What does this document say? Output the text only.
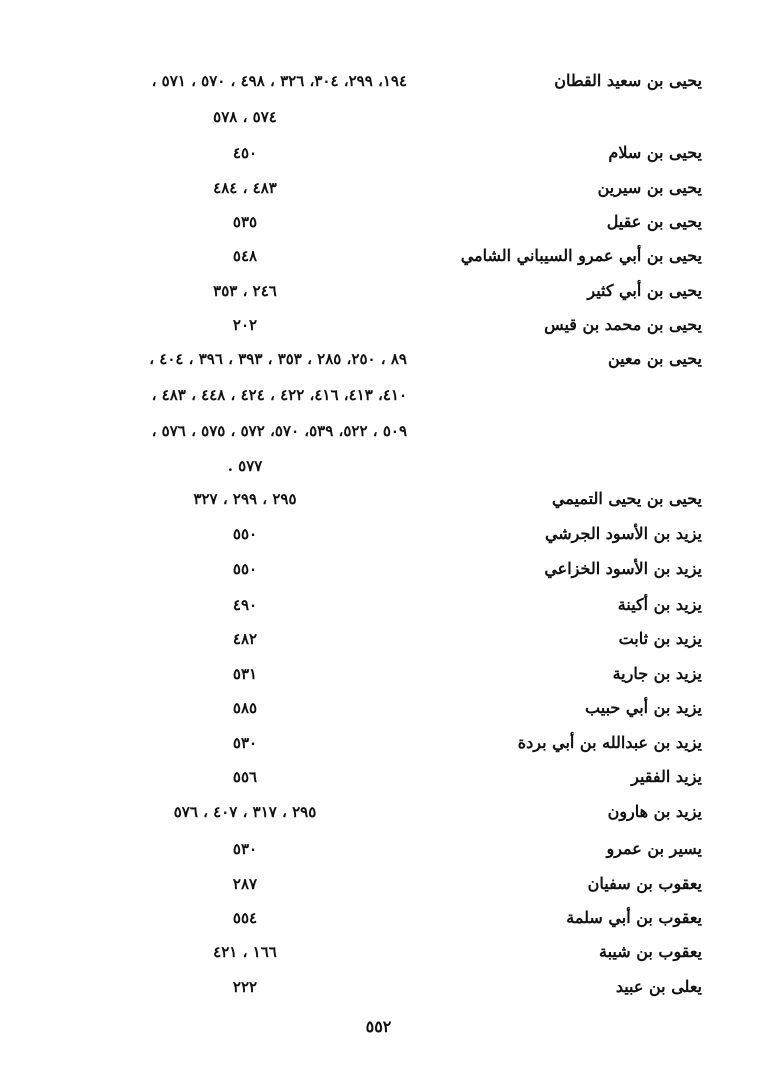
يحيى بن سعيد القطان
١٩٤، ٢٩٩، ٣٠٤، ٣٢٦ ، ٤٩٨ ، ٥٧٠ ، ٥٧١ ،
٥٧٤ ، ٥٧٨
يحيى بن سلام
٤٥٠
يحيى بن سيرين
٤٨٣ ، ٤٨٤
يحيى بن عقيل
٥٣٥
يحيى بن أبي عمرو السيباني الشامي
٥٤٨
يحيى بن أبي كثير
٢٤٦ ، ٣٥٣
يحيى بن محمد بن قيس
٢٠٢
يحيى بن معين
٨٩ ، ٢٥٠، ٢٨٥ ، ٣٥٣ ، ٣٩٣ ، ٣٩٦ ، ٤٠٤ ،
٤١٠، ٤١٣، ٤١٦، ٤٢٢ ، ٤٢٤ ، ٤٤٨ ، ٤٨٣ ،
٥٠٩ ، ٥٢٢، ٥٣٩، ٥٧٠، ٥٧٢ ، ٥٧٥ ، ٥٧٦ ،
٥٧٧ .
يحيى بن يحيى التميمي
٢٩٥ ، ٢٩٩ ، ٣٢٧
يزيد بن الأسود الجرشي
٥٥٠
يزيد بن الأسود الخزاعي
٥٥٠
يزيد بن أكينة
٤٩٠
يزيد بن ثابت
٤٨٢
يزيد بن جارية
٥٣١
يزيد بن أبي حبيب
٥٨٥
يزيد بن عبدالله بن أبي بردة
٥٣٠
يزيد الفقير
٥٥٦
يزيد بن هارون
٢٩٥ ، ٣١٧ ، ٤٠٧ ، ٥٧٦
يسير بن عمرو
٥٣٠
يعقوب بن سفيان
٢٨٧
يعقوب بن أبي سلمة
٥٥٤
يعقوب بن شيبة
١٦٦ ، ٤٢١
يعلى بن عبيد
٢٢٢
٥٥٢
